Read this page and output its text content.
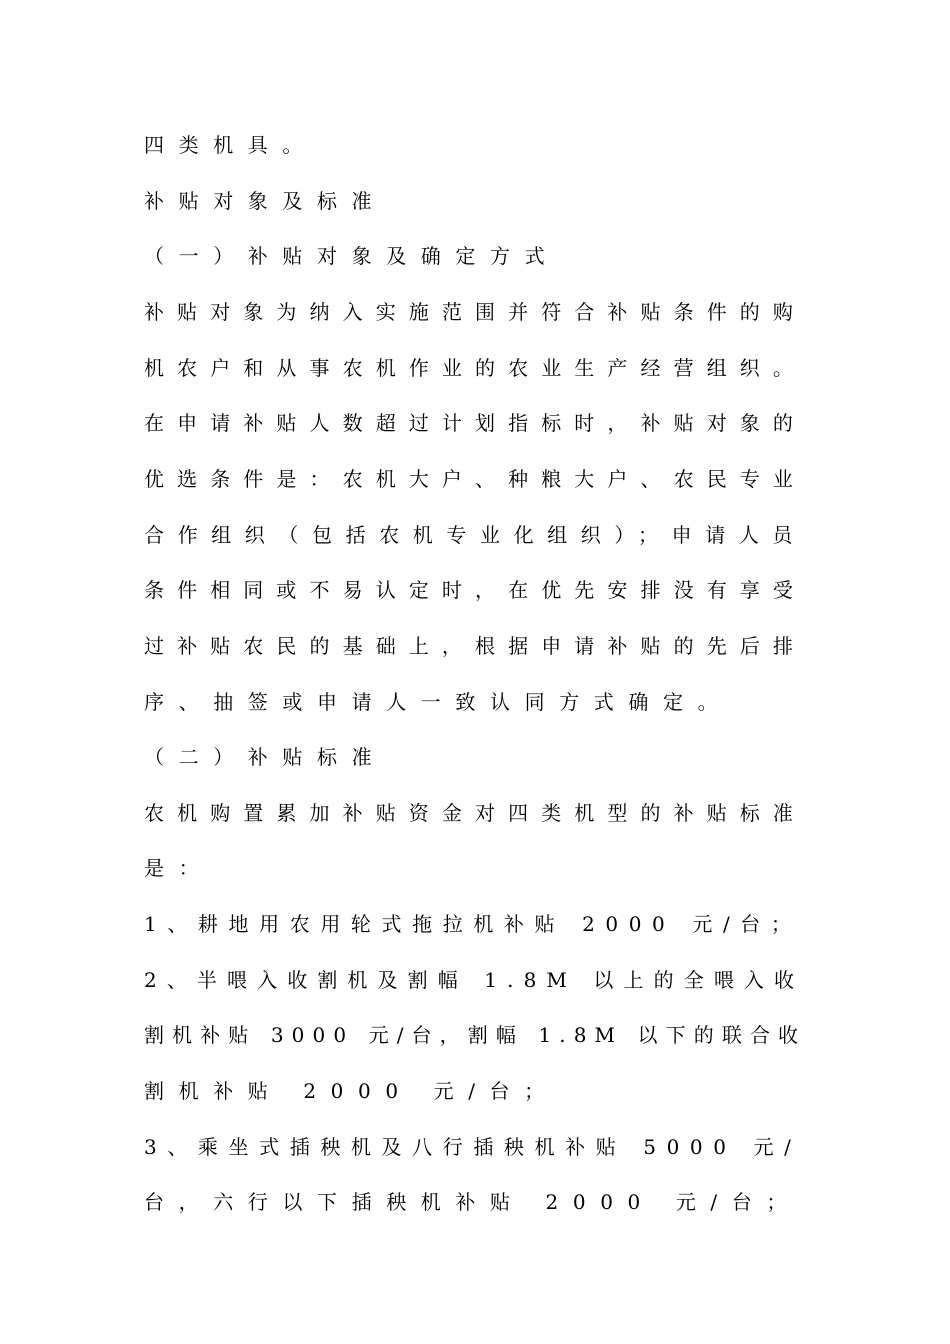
四类机具。
补贴对象及标准
（一）补贴对象及确定方式
补贴对象为纳入实施范围并符合补贴条件的购
机农户和从事农机作业的农业生产经营组织。
在申请补贴人数超过计划指标时，补贴对象的
优选条件是：农机大户、种粮大户、农民专业
合作组织（包括农机专业化组织）；申请人员
条件相同或不易认定时，在优先安排没有享受
过补贴农民的基础上，根据申请补贴的先后排
序、抽签或申请人一致认同方式确定。
（二）补贴标准
农机购置累加补贴资金对四类机型的补贴标准
是：
1、耕地用农用轮式拖拉机补贴 2000 元/台；
2、半喂入收割机及割幅 1.8M 以上的全喂入收
割机补贴 3000 元/台，割幅 1.8M 以下的联合收
割机补贴 2000 元/台；
3、乘坐式插秧机及八行插秧机补贴 5000 元/
台，六行以下插秧机补贴 2000 元/台；
